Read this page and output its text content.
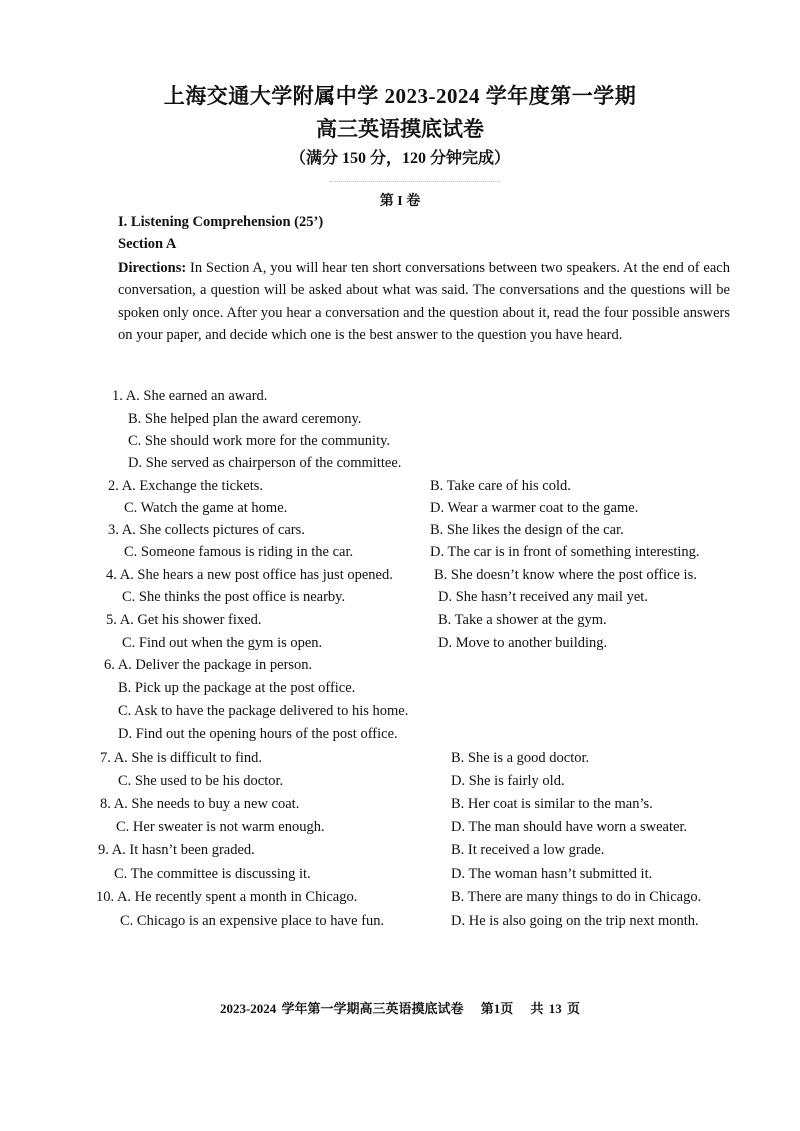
上海交通大学附属中学 2023-2024 学年度第一学期
高三英语摸底试卷
（满分 150 分，120 分钟完成）
第 I 卷
I. Listening Comprehension (25’)
Section A
Directions: In Section A, you will hear ten short conversations between two speakers. At the end of each conversation, a question will be asked about what was said. The conversations and the questions will be spoken only once. After you hear a conversation and the question about it, read the four possible answers on your paper, and decide which one is the best answer to the question you have heard.
1. A. She earned an award.
B. She helped plan the award ceremony.
C. She should work more for the community.
D. She served as chairperson of the committee.
2. A. Exchange the tickets.	B. Take care of his cold.
C. Watch the game at home.	D. Wear a warmer coat to the game.
3. A. She collects pictures of cars.	B. She likes the design of the car.
C. Someone famous is riding in the car.	D. The car is in front of something interesting.
4. A. She hears a new post office has just opened.	B. She doesn’t know where the post office is.
C. She thinks the post office is nearby.	D. She hasn’t received any mail yet.
5. A. Get his shower fixed.	B. Take a shower at the gym.
C. Find out when the gym is open.	D. Move to another building.
6. A. Deliver the package in person.
B. Pick up the package at the post office.
C. Ask to have the package delivered to his home.
D. Find out the opening hours of the post office.
7. A. She is difficult to find.	B. She is a good doctor.
C. She used to be his doctor.	D. She is fairly old.
8. A. She needs to buy a new coat.	B. Her coat is similar to the man’s.
C. Her sweater is not warm enough.	D. The man should have worn a sweater.
9. A. It hasn’t been graded.	B. It received a low grade.
C. The committee is discussing it.	D. The woman hasn’t submitted it.
10. A. He recently spent a month in Chicago.	B. There are many things to do in Chicago.
C. Chicago is an expensive place to have fun.	D. He is also going on the trip next month.
2023-2024 学年第一学期高三英语摸底试卷 第1页 共 13 页
